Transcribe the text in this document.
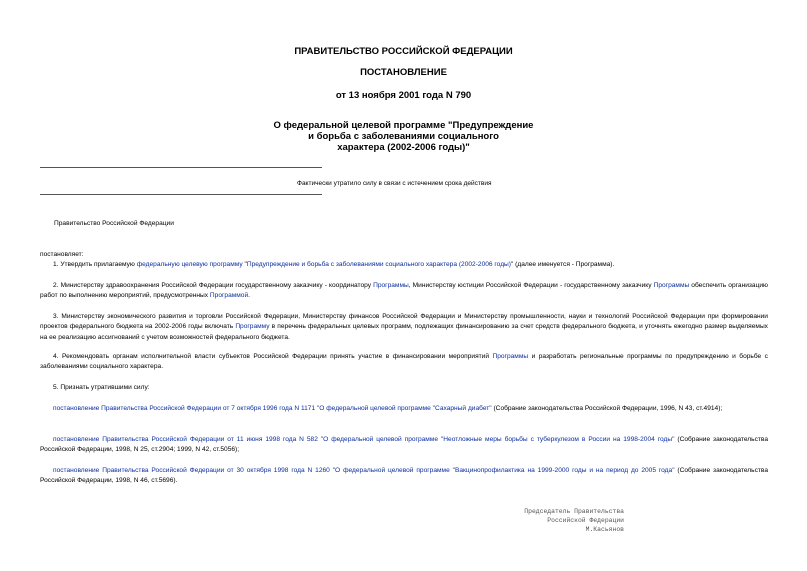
ПРАВИТЕЛЬСТВО РОССИЙСКОЙ ФЕДЕРАЦИИ
ПОСТАНОВЛЕНИЕ
от 13 ноября 2001 года N 790
О федеральной целевой программе "Предупреждение
и борьба с заболеваниями социального
характера (2002-2006 годы)"
Фактически утратило силу в связи с истечением срока действия
Правительство Российской Федерации
постановляет:
1. Утвердить прилагаемую федеральную целевую программу "Предупреждение и борьба с заболеваниями социального характера (2002-2006 годы)" (далее именуется - Программа).
2. Министерству здравоохранения Российской Федерации государственному заказчику - координатору Программы, Министерству юстиции Российской Федерации - государственному заказчику Программы обеспечить организацию работ по выполнению мероприятий, предусмотренных Программой.
3. Министерству экономического развития и торговли Российской Федерации, Министерству финансов Российской Федерации и Министерству промышленности, науки и технологий Российской Федерации при формировании проектов федерального бюджета на 2002-2006 годы включать Программу в перечень федеральных целевых программ, подлежащих финансированию за счет средств федерального бюджета, и уточнять ежегодно размер выделяемых на ее реализацию ассигнований с учетом возможностей федерального бюджета.
4. Рекомендовать органам исполнительной власти субъектов Российской Федерации принять участие в финансировании мероприятий Программы и разработать региональные программы по предупреждению и борьбе с заболеваниями социального характера.
5. Признать утратившими силу:
постановление Правительства Российской Федерации от 7 октября 1996 года N 1171 "О федеральной целевой программе "Сахарный диабет" (Собрание законодательства Российской Федерации, 1996, N 43, ст.4914);
постановление Правительства Российской Федерации от 11 июня 1998 года N 582 "О федеральной целевой программе "Неотложные меры борьбы с туберкулезом в России на 1998-2004 годы" (Собрание законодательства Российской Федерации, 1998, N 25, ст.2904; 1999, N 42, ст.5056);
постановление Правительства Российской Федерации от 30 октября 1998 года N 1260 "О федеральной целевой программе "Вакцинопрофилактика на 1999-2000 годы и на период до 2005 года" (Собрание законодательства Российской Федерации, 1998, N 46, ст.5696).
Председатель Правительства
Российской Федерации
М.Касьянов
